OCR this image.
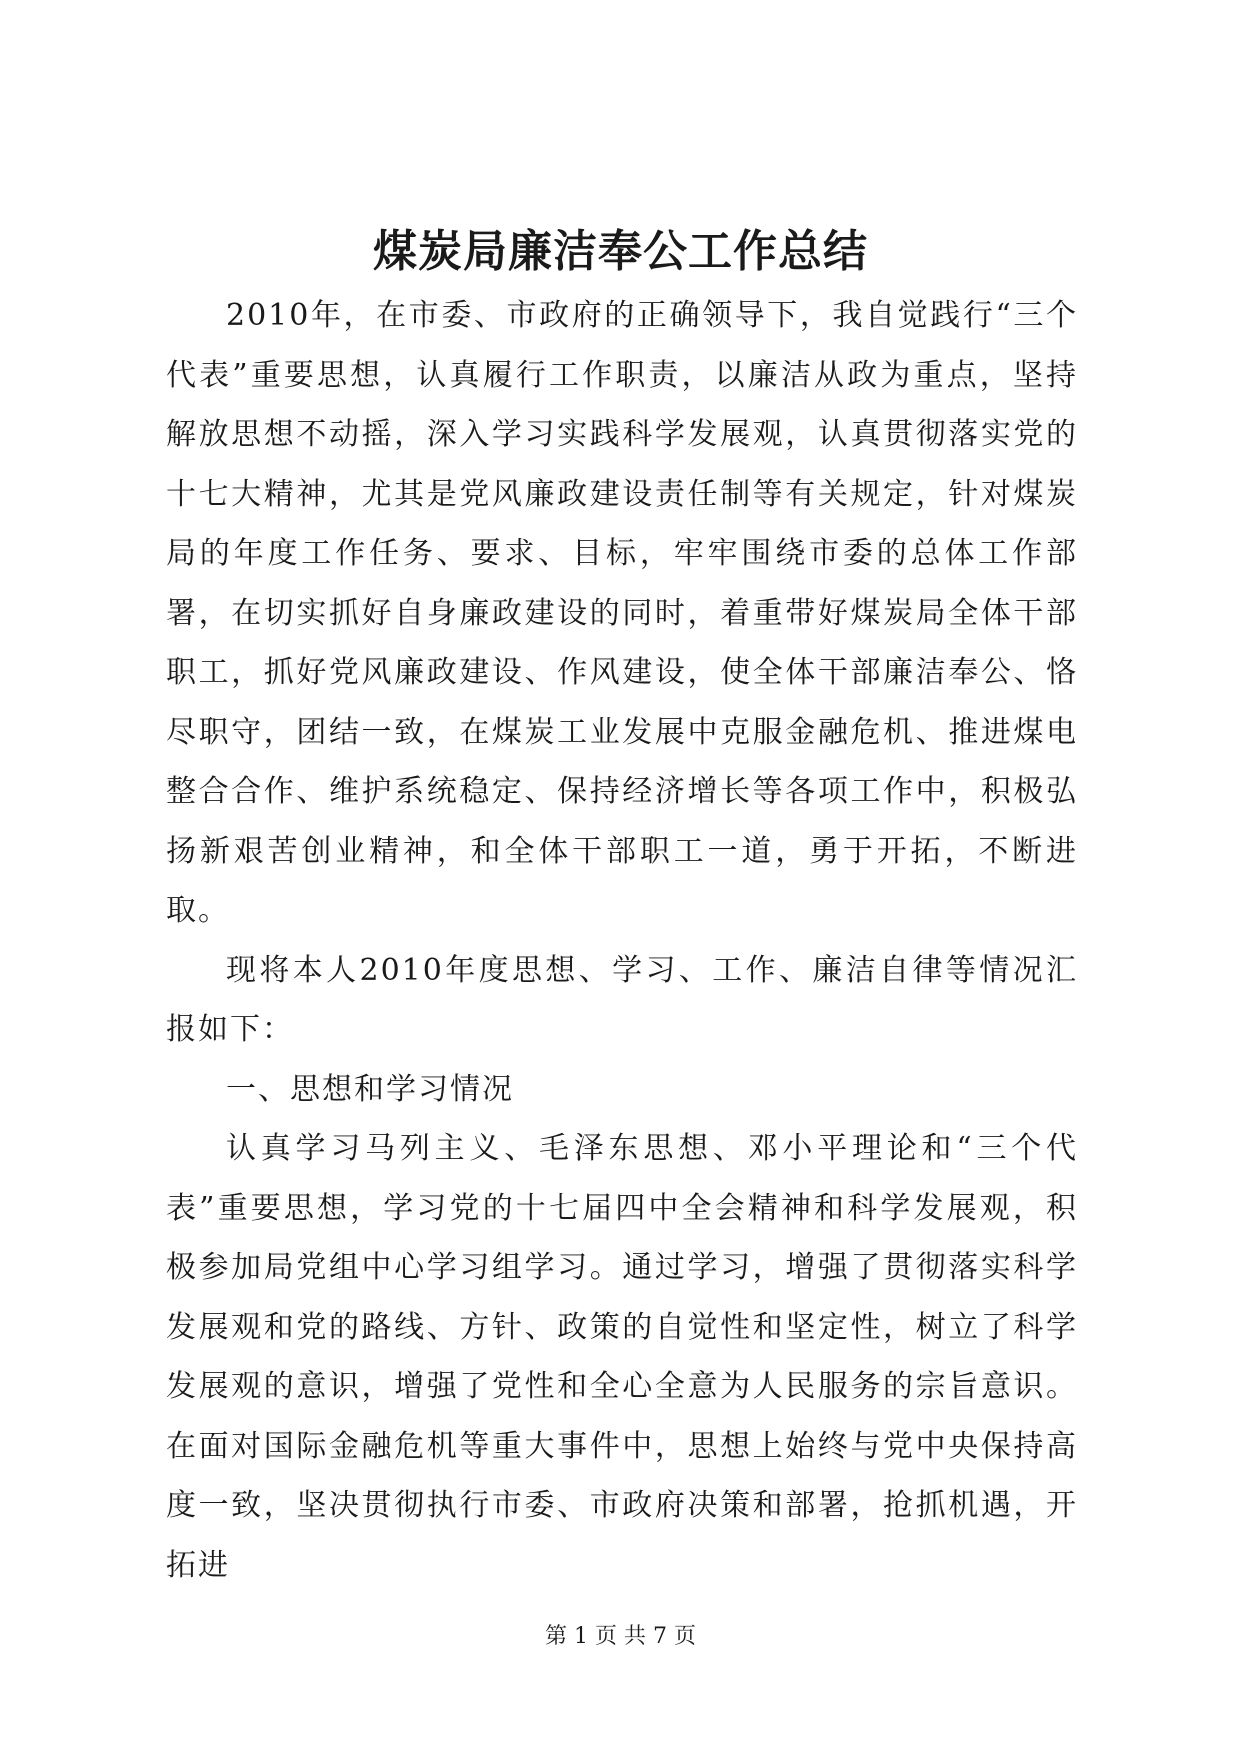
煤炭局廉洁奉公工作总结

2010年，在市委、市政府的正确领导下，我自觉践行“三个代表”重要思想，认真履行工作职责，以廉洁从政为重点，坚持解放思想不动摇，深入学习实践科学发展观，认真贯彻落实党的十七大精神，尤其是党风廉政建设责任制等有关规定，针对煤炭局的年度工作任务、要求、目标，牢牢围绕市委的总体工作部署，在切实抓好自身廉政建设的同时，着重带好煤炭局全体干部职工，抓好党风廉政建设、作风建设，使全体干部廉洁奉公、恪尽职守，团结一致，在煤炭工业发展中克服金融危机、推进煤电整合合作、维护系统稳定、保持经济增长等各项工作中，积极弘扬新艰苦创业精神，和全体干部职工一道，勇于开拓，不断进取。

现将本人2010年度思想、学习、工作、廉洁自律等情况汇报如下：

一、思想和学习情况

认真学习马列主义、毛泽东思想、邓小平理论和“三个代表”重要思想，学习党的十七届四中全会精神和科学发展观，积极参加局党组中心学习组学习。通过学习，增强了贯彻落实科学发展观和党的路线、方针、政策的自觉性和坚定性，树立了科学发展观的意识，增强了党性和全心全意为人民服务的宗旨意识。在面对国际金融危机等重大事件中，思想上始终与党中央保持高度一致，坚决贯彻执行市委、市政府决策和部署，抢抓机遇，开拓进

第 1 页 共 7 页
